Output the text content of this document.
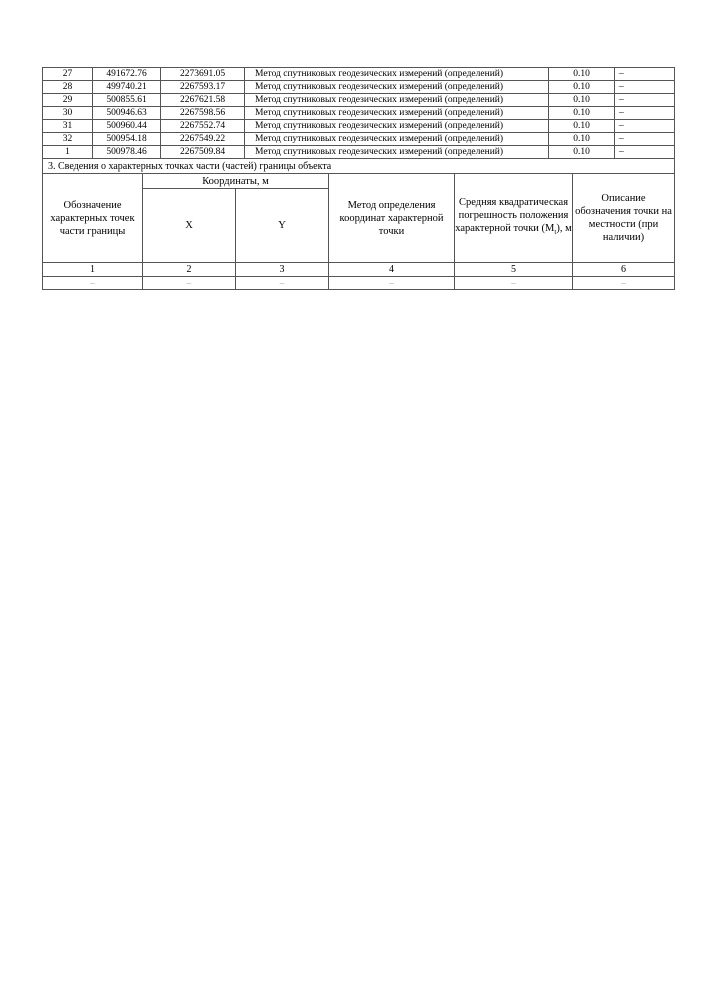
27	491672.76	2273691.05	Метод спутниковых геодезических измерений (определений)	0.10	–
28	499740.21	2267593.17	Метод спутниковых геодезических измерений (определений)	0.10	–
29	500855.61	2267621.58	Метод спутниковых геодезических измерений (определений)	0.10	–
30	500946.63	2267598.56	Метод спутниковых геодезических измерений (определений)	0.10	–
31	500960.44	2267552.74	Метод спутниковых геодезических измерений (определений)	0.10	–
32	500954.18	2267549.22	Метод спутниковых геодезических измерений (определений)	0.10	–
1	500978.46	2267509.84	Метод спутниковых геодезических измерений (определений)	0.10	–
3. Сведения о характерных точках части (частей) границы объекта					
Обозначение характерных точек части границы	Координаты, м		Метод определения координат характерной точки	Средняя квадратическая погрешность положения характерной точки $(M_t)$, м	Описание обозначения точки на местности (при наличии)
	X	Y			
1	2	3	4	5	6
–	–	–	–	–	–
